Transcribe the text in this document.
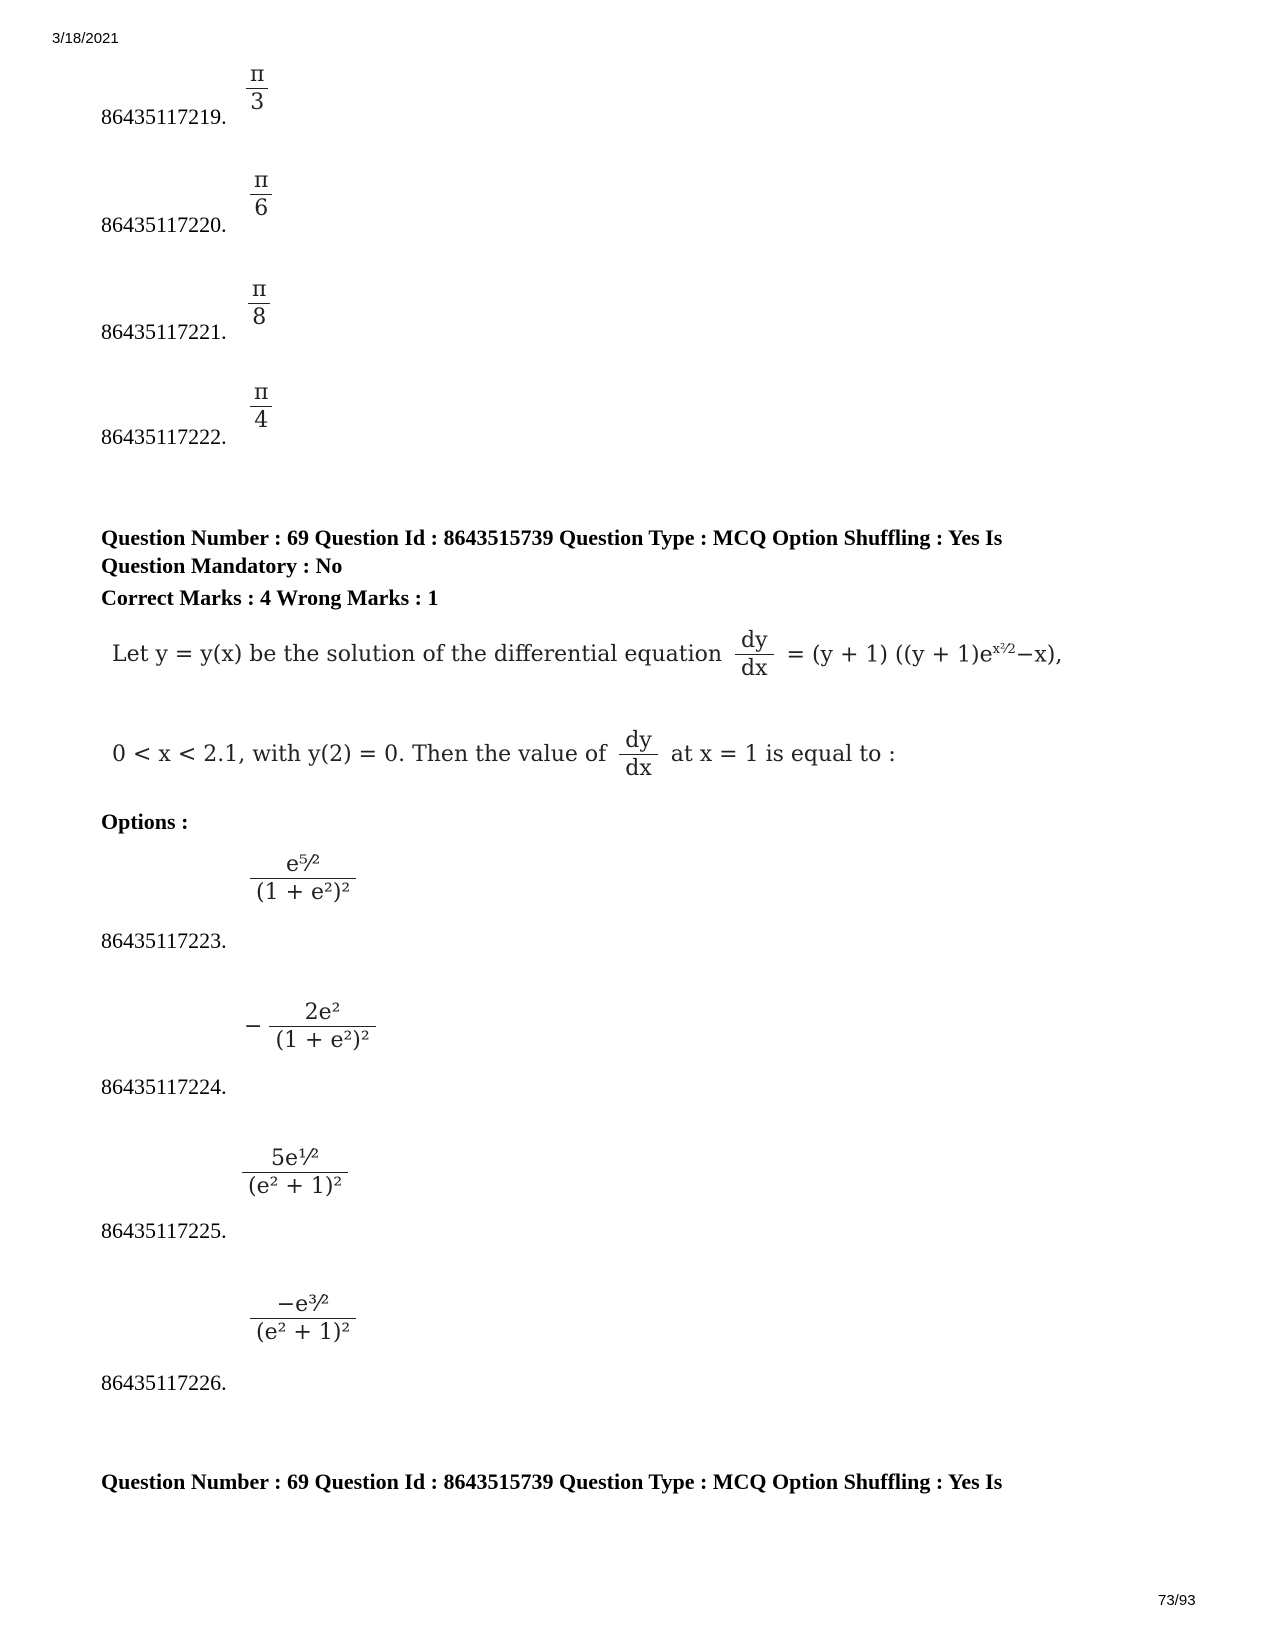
3/18/2021
86435117219.
$\frac{\pi}{3}$
86435117220.
$\frac{\pi}{6}$
86435117221.
$\frac{\pi}{8}$
86435117222.
$\frac{\pi}{4}$
Question Number : 69 Question Id : 8643515739 Question Type : MCQ Option Shuffling : Yes Is
Question Mandatory : No
Correct Marks : 4 Wrong Marks : 1
Let y = y(x) be the solution of the differential equation $\frac{dy}{dx} = (y + 1) ((y + 1)e^{x^2⁄2}-x)$,
0 < x < 2.1, with y(2) = 0. Then the value of $\frac{dy}{dx}$ at x = 1 is equal to :
Options :
86435117223.
$\frac{\text{e⁵⁄²}}{\text{(1 + e²)²}}$
86435117224.
− $\frac{\text{2e²}}{\text{(1 + e²)²}}$
86435117225.
$\frac{\text{5e¹⁄²}}{\text{(e² + 1)²}}$
86435117226.
$\frac{\text{−e³⁄²}}{\text{(e² + 1)²}}$
Question Number : 69 Question Id : 8643515739 Question Type : MCQ Option Shuffling : Yes Is
73/93
